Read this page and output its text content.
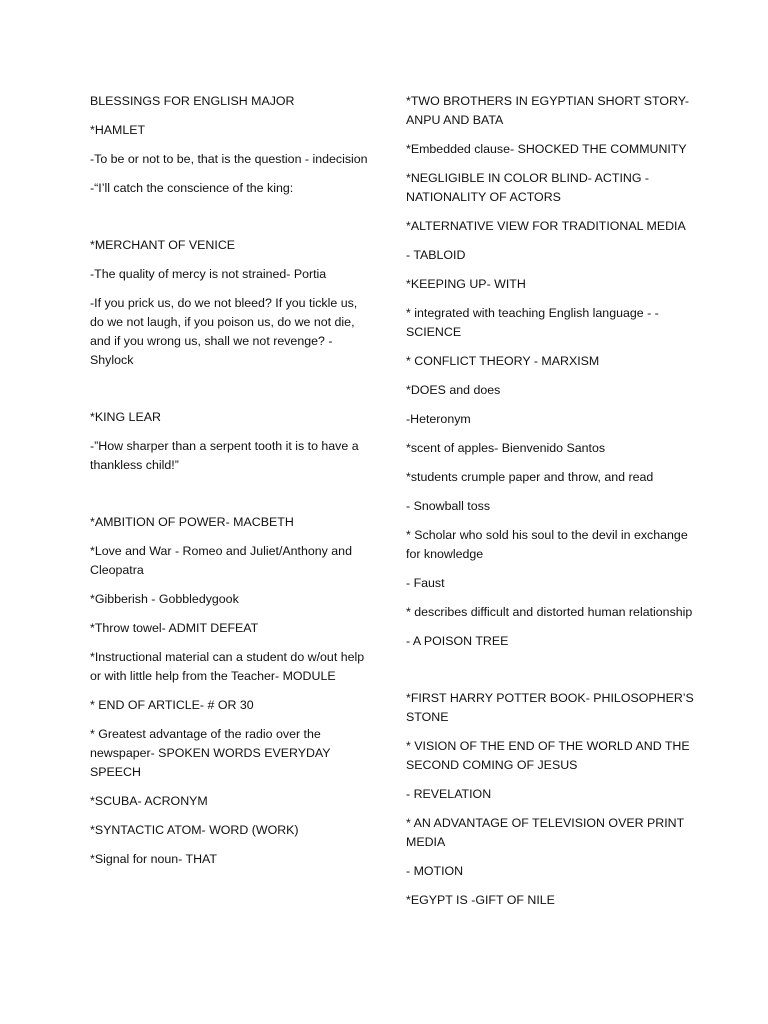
BLESSINGS FOR ENGLISH MAJOR

*HAMLET

-To be or not to be, that is the question - indecision

-“I’ll catch the conscience of the king:

*MERCHANT OF VENICE

-The quality of mercy is not strained- Portia

-If you prick us, do we not bleed? If you tickle us, do we not laugh, if you poison us, do we not die, and if you wrong us, shall we not revenge? - Shylock

*KING LEAR

-”How sharper than a serpent tooth it is to have a thankless child!”

*AMBITION OF POWER- MACBETH

*Love and War - Romeo and Juliet/Anthony and Cleopatra

*Gibberish - Gobbledygook

*Throw towel- ADMIT DEFEAT

*Instructional material can a student do w/out help or with little help from the Teacher- MODULE

* END OF ARTICLE- # OR 30

* Greatest advantage of the radio over the newspaper- SPOKEN WORDS EVERYDAY SPEECH

*SCUBA- ACRONYM

*SYNTACTIC ATOM- WORD (WORK)

*Signal for noun- THAT

*TWO BROTHERS IN EGYPTIAN SHORT STORY- ANPU AND BATA

*Embedded clause- SHOCKED THE COMMUNITY

*NEGLIGIBLE IN COLOR BLIND- ACTING - NATIONALITY OF ACTORS

*ALTERNATIVE VIEW FOR TRADITIONAL MEDIA

- TABLOID

*KEEPING UP- WITH

* integrated with teaching English language - - SCIENCE

* CONFLICT THEORY - MARXISM

*DOES and does

-Heteronym

*scent of apples- Bienvenido Santos

*students crumple paper and throw, and read

- Snowball toss

* Scholar who sold his soul to the devil in exchange for knowledge

- Faust

* describes difficult and distorted human relationship

- A POISON TREE

*FIRST HARRY POTTER BOOK- PHILOSOPHER’S STONE

* VISION OF THE END OF THE WORLD AND THE SECOND COMING OF JESUS

- REVELATION

* AN ADVANTAGE OF TELEVISION OVER PRINT MEDIA

- MOTION

*EGYPT IS -GIFT OF NILE
